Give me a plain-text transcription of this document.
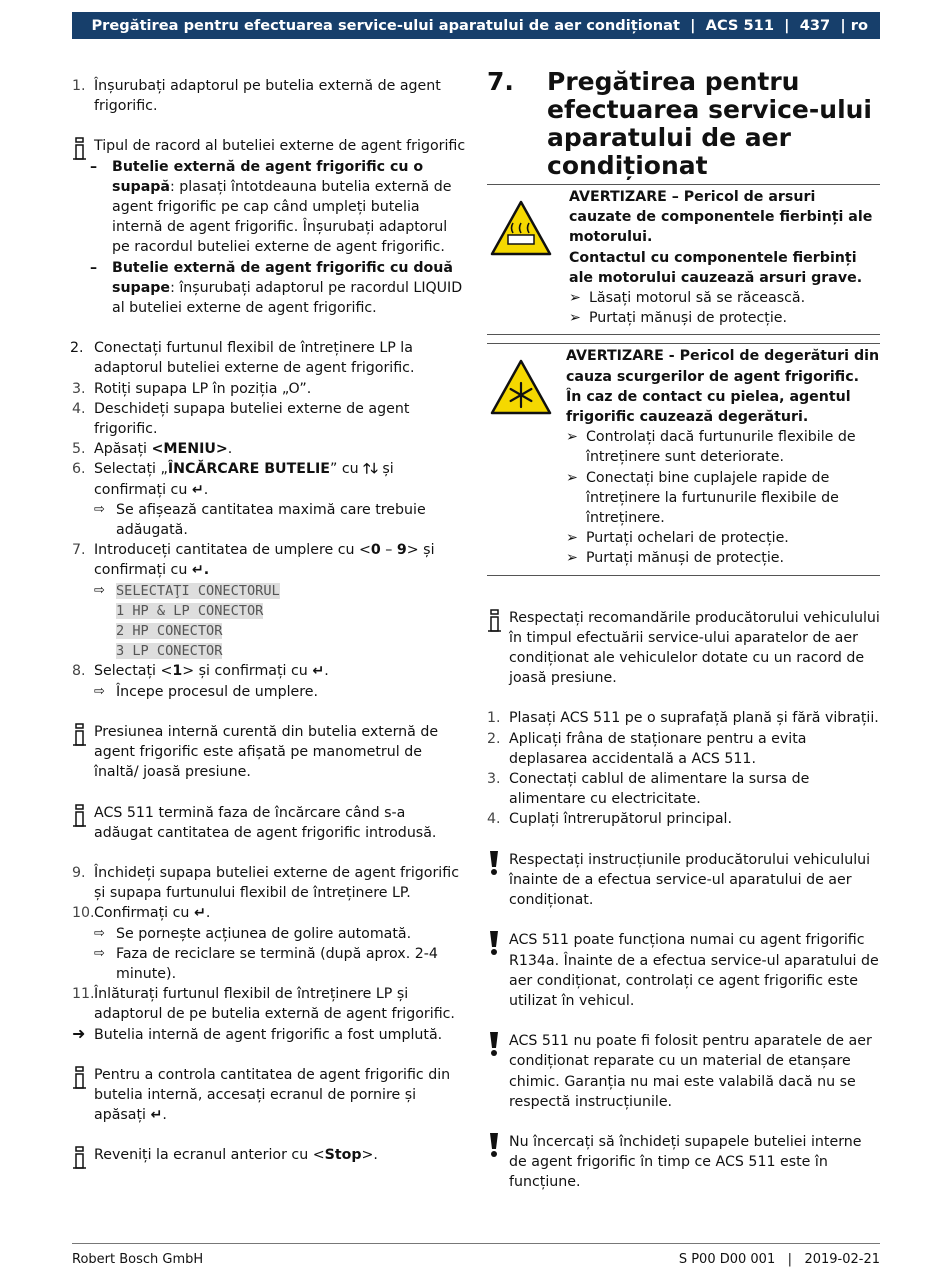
Pregătirea pentru efectuarea service-ului aparatului de aer condiționat | ACS 511 | 437 | ro
1. Înșurubați adaptorul pe butelia externă de agent frigorific.
Tipul de racord al buteliei externe de agent frigorific
– Butelie externă de agent frigorific cu o supapă: plasați întotdeauna butelia externă de agent frigorific pe cap când umpleți butelia internă de agent frigorific. Înșurubați adaptorul pe racordul buteliei externe de agent frigorific.
– Butelie externă de agent frigorific cu două supape: înșurubați adaptorul pe racordul LIQUID al buteliei externe de agent frigorific.
2. Conectați furtunul flexibil de întreținere LP la adaptorul buteliei externe de agent frigorific.
3. Rotiți supapa LP în poziția „O”.
4. Deschideți supapa buteliei externe de agent frigorific.
5. Apăsați <MENIU>.
6. Selectați „ÎNCĂRCARE BUTELIE” cu 🡑🡓 și confirmați cu ↵.
⇨ Se afișează cantitatea maximă care trebuie adăugată.
7. Introduceți cantitatea de umplere cu <0 – 9> și confirmați cu ↵.
⇨ SELECTAŢI CONECTORUL
1 HP & LP CONECTOR
2 HP CONECTOR
3 LP CONECTOR
8. Selectați <1> și confirmați cu ↵.
⇨ Începe procesul de umplere.
Presiunea internă curentă din butelia externă de agent frigorific este afișată pe manometrul de înaltă/ joasă presiune.
ACS 511 termină faza de încărcare când s-a adăugat cantitatea de agent frigorific introdusă.
9. Închideți supapa buteliei externe de agent frigorific și supapa furtunului flexibil de întreținere LP.
10. Confirmați cu ↵.
⇨ Se pornește acțiunea de golire automată.
⇨ Faza de reciclare se termină (după aprox. 2-4 minute).
11. Înlăturați furtunul flexibil de întreținere LP și adaptorul de pe butelia externă de agent frigorific.
➜ Butelia internă de agent frigorific a fost umplută.
Pentru a controla cantitatea de agent frigorific din butelia internă, accesați ecranul de pornire și apăsați ↵.
Reveniți la ecranul anterior cu <Stop>.
7. Pregătirea pentru efectuarea service-ului aparatului de aer condiționat
AVERTIZARE – Pericol de arsuri cauzate de componentele fierbinți ale motorului.
Contactul cu componentele fierbinți ale motorului cauzează arsuri grave.
➢ Lăsați motorul să se răcească.
➢ Purtați mănuși de protecție.
AVERTIZARE - Pericol de degerături din cauza scurgerilor de agent frigorific.
În caz de contact cu pielea, agentul frigorific cauzează degerături.
➢ Controlați dacă furtunurile flexibile de întreținere sunt deteriorate.
➢ Conectați bine cuplajele rapide de întreținere la furtunurile flexibile de întreținere.
➢ Purtați ochelari de protecție.
➢ Purtați mănuși de protecție.
Respectați recomandările producătorului vehiculului în timpul efectuării service-ului aparatelor de aer condiționat ale vehiculelor dotate cu un racord de joasă presiune.
1. Plasați ACS 511 pe o suprafață plană și fără vibrații.
2. Aplicați frâna de staționare pentru a evita deplasarea accidentală a ACS 511.
3. Conectați cablul de alimentare la sursa de alimentare cu electricitate.
4. Cuplați întrerupătorul principal.
Respectați instrucțiunile producătorului vehiculului înainte de a efectua service-ul aparatului de aer condiționat.
ACS 511 poate funcționa numai cu agent frigorific R134a. Înainte de a efectua service-ul aparatului de aer condiționat, controlați ce agent frigorific este utilizat în vehicul.
ACS 511 nu poate fi folosit pentru aparatele de aer condiționat reparate cu un material de etanșare chimic. Garanția nu mai este valabilă dacă nu se respectă instrucțiunile.
Nu încercați să închideți supapele buteliei interne de agent frigorific în timp ce ACS 511 este în funcțiune.
Robert Bosch GmbH	S P00 D00 001 | 2019-02-21
